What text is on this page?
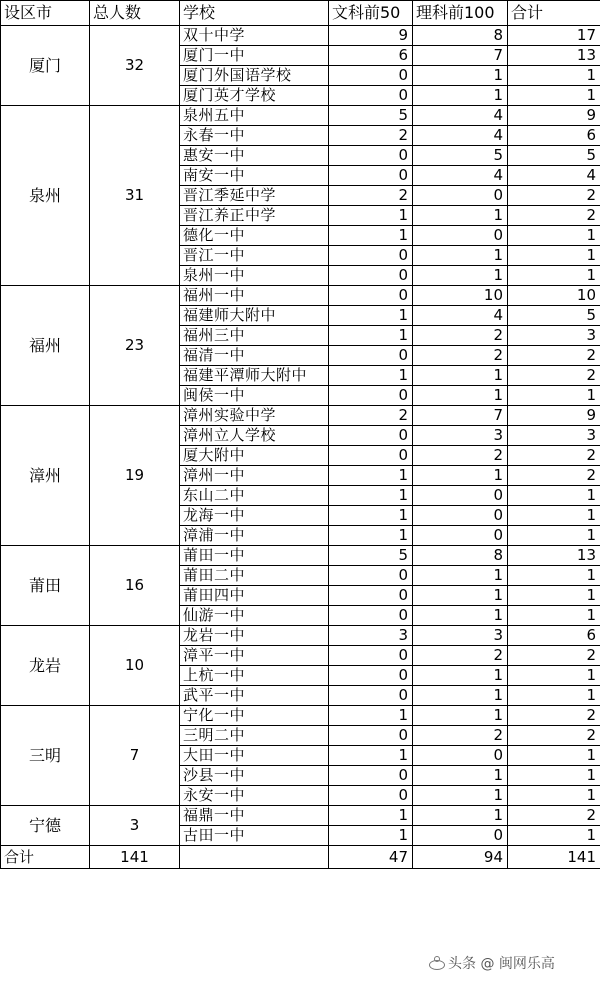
设区市	总人数	学校	文科前50	理科前100	合计
厦门	32	双十中学	9	8	17
		厦门一中	6	7	13
		厦门外国语学校	0	1	1
		厦门英才学校	0	1	1
泉州	31	泉州五中	5	4	9
		永春一中	2	4	6
		惠安一中	0	5	5
		南安一中	0	4	4
		晋江季延中学	2	0	2
		晋江养正中学	1	1	2
		德化一中	1	0	1
		晋江一中	0	1	1
		泉州一中	0	1	1
福州	23	福州一中	0	10	10
		福建师大附中	1	4	5
		福州三中	1	2	3
		福清一中	0	2	2
		福建平潭师大附中	1	1	2
		闽侯一中	0	1	1
漳州	19	漳州实验中学	2	7	9
		漳州立人学校	0	3	3
		厦大附中	0	2	2
		漳州一中	1	1	2
		东山二中	1	0	1
		龙海一中	1	0	1
		漳浦一中	1	0	1
莆田	16	莆田一中	5	8	13
		莆田二中	0	1	1
		莆田四中	0	1	1
		仙游一中	0	1	1
龙岩	10	龙岩一中	3	3	6
		漳平一中	0	2	2
		上杭一中	0	1	1
		武平一中	0	1	1
三明	7	宁化一中	1	1	2
		三明二中	0	2	2
		大田一中	1	0	1
		沙县一中	0	1	1
		永安一中	0	1	1
宁德	3	福鼎一中	1	1	2
		古田一中	1	0	1
合计	141		47	94	141
头条 @ 闽网乐高
